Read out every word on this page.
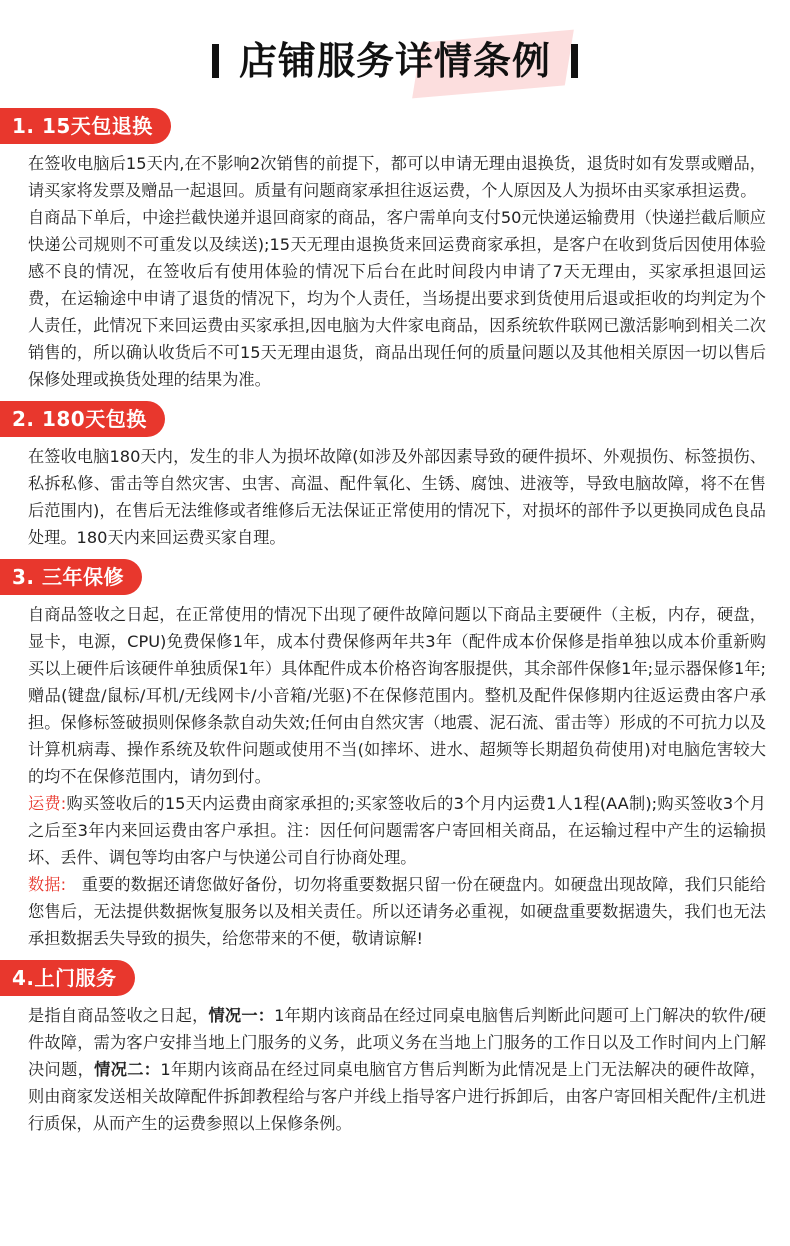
店铺服务详情条例
1. 15天包退换

在签收电脑后15天内,在不影响2次销售的前提下，都可以申请无理由退换货，退货时如有发票或赠品，请买家将发票及赠品一起退回。质量有问题商家承担往返运费，个人原因及人为损坏由买家承担运费。

自商品下单后，中途拦截快递并退回商家的商品，客户需单向支付50元快递运输费用（快递拦截后顺应快递公司规则不可重发以及续送);15天无理由退换货来回运费商家承担，是客户在收到货后因使用体验感不良的情况，在签收后有使用体验的情况下后台在此时间段内申请了7天无理由，买家承担退回运费，在运输途中申请了退货的情况下，均为个人责任，当场提出要求到货使用后退或拒收的均判定为个人责任，此情况下来回运费由买家承担,因电脑为大件家电商品，因系统软件联网已激活影响到相关二次销售的，所以确认收货后不可15天无理由退货，商品出现任何的质量问题以及其他相关原因一切以售后保修处理或换货处理的结果为准。

2. 180天包换

在签收电脑180天内，发生的非人为损坏故障(如涉及外部因素导致的硬件损坏、外观损伤、标签损伤、私拆私修、雷击等自然灾害、虫害、高温、配件氧化、生锈、腐蚀、进液等，导致电脑故障，将不在售后范围内)，在售后无法维修或者维修后无法保证正常使用的情况下，对损坏的部件予以更换同成色良品处理。180天内来回运费买家自理。

3. 三年保修

自商品签收之日起，在正常使用的情况下出现了硬件故障问题以下商品主要硬件（主板，内存，硬盘，显卡，电源，CPU)免费保修1年，成本付费保修两年共3年（配件成本价保修是指单独以成本价重新购买以上硬件后该硬件单独质保1年）具体配件成本价格咨询客服提供，其余部件保修1年;显示器保修1年;赠品(键盘/鼠标/耳机/无线网卡/小音箱/光驱)不在保修范围内。整机及配件保修期内往返运费由客户承担。保修标签破损则保修条款自动失效;任何由自然灾害（地震、泥石流、雷击等）形成的不可抗力以及计算机病毒、操作系统及软件问题或使用不当(如摔坏、进水、超频等长期超负荷使用)对电脑危害较大的均不在保修范围内，请勿到付。

运费:购买签收后的15天内运费由商家承担的;买家签收后的3个月内运费1人1程(AA制);购买签收3个月之后至3年内来回运费由客户承担。注：因任何问题需客户寄回相关商品，在运输过程中产生的运输损坏、丢件、调包等均由客户与快递公司自行协商处理。

数据:   重要的数据还请您做好备份，切勿将重要数据只留一份在硬盘内。如硬盘出现故障，我们只能给您售后，无法提供数据恢复服务以及相关责任。所以还请务必重视，如硬盘重要数据遗失，我们也无法承担数据丢失导致的损失，给您带来的不便，敬请谅解!

4.上门服务

是指自商品签收之日起，情况一：1年期内该商品在经过同桌电脑售后判断此问题可上门解决的软件/硬件故障，需为客户安排当地上门服务的义务，此项义务在当地上门服务的工作日以及工作时间内上门解决问题，情况二：1年期内该商品在经过同桌电脑官方售后判断为此情况是上门无法解决的硬件故障，则由商家发送相关故障配件拆卸教程给与客户并线上指导客户进行拆卸后，由客户寄回相关配件/主机进行质保，从而产生的运费参照以上保修条例。
